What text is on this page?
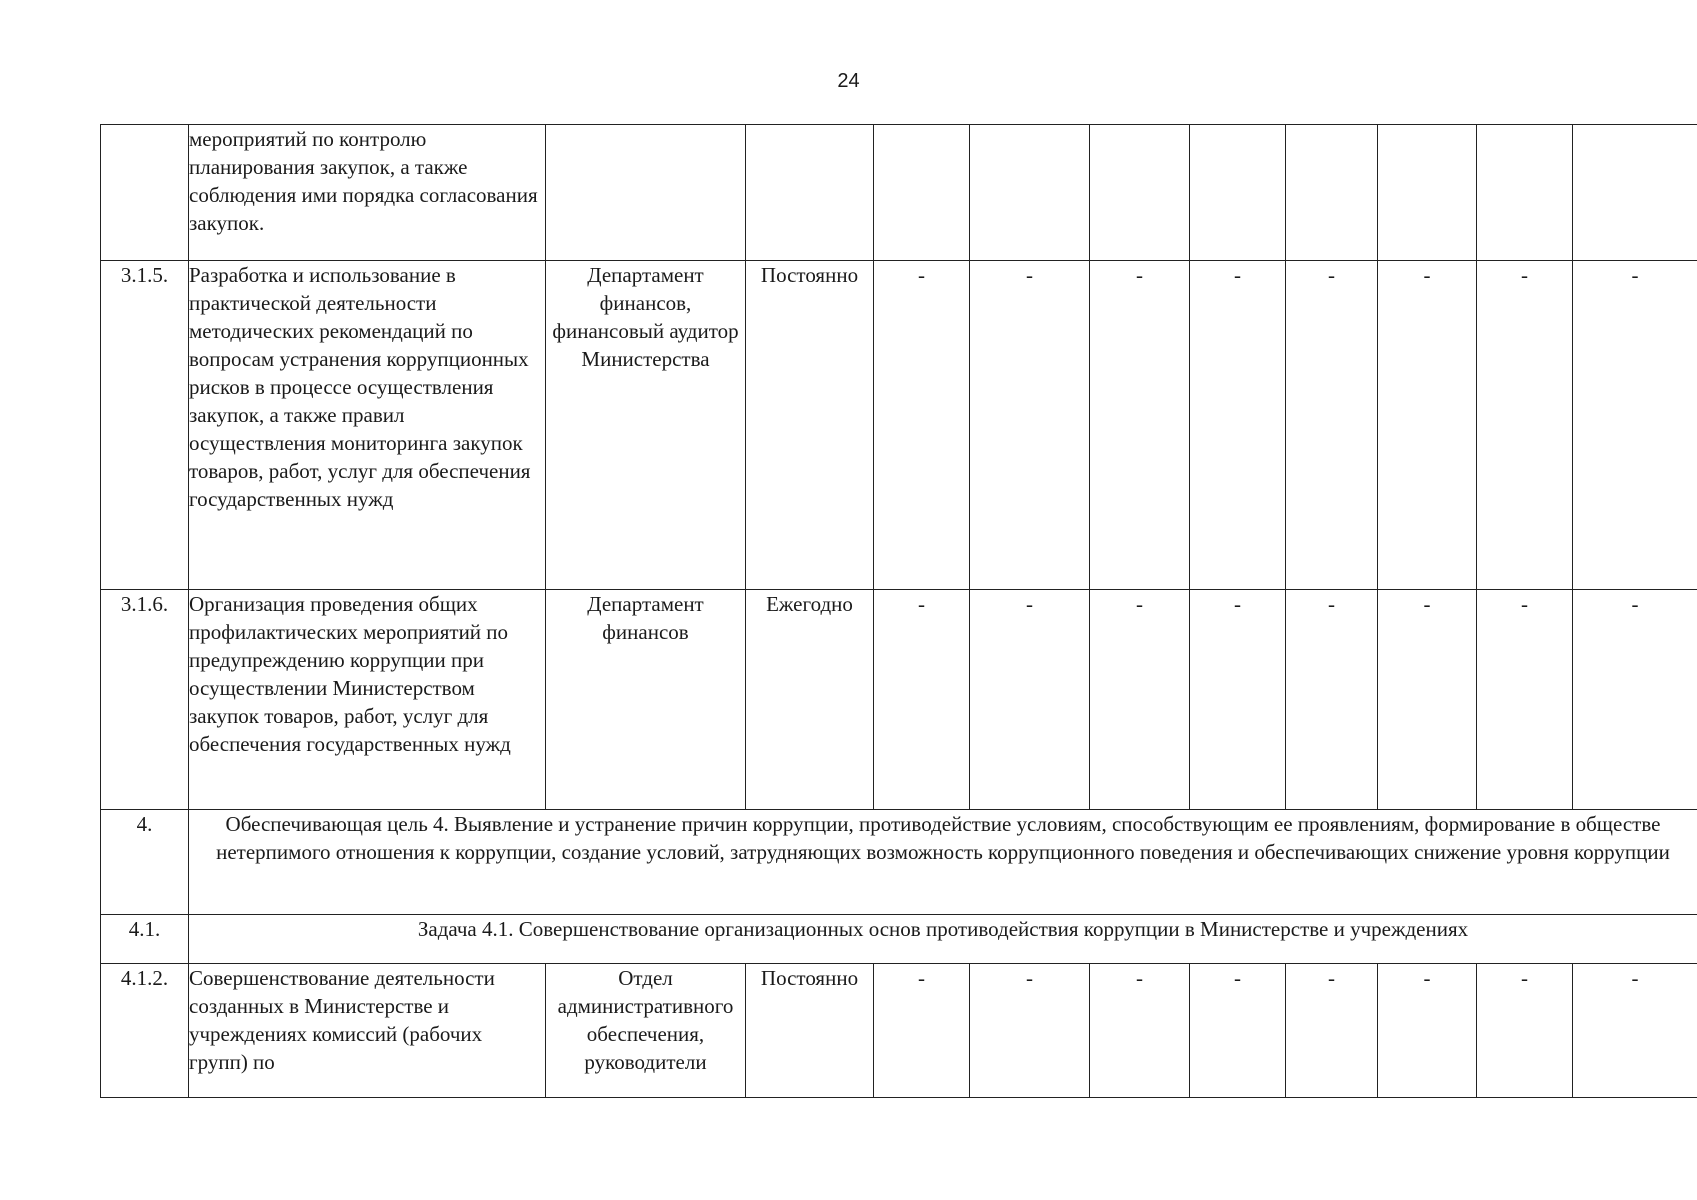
24
	мероприятий по контролю планирования закупок, а также соблюдения ими порядка согласования закупок.										
3.1.5.	Разработка и использование в практической деятельности методических рекомендаций по вопросам устранения коррупционных рисков в процессе осуществления закупок, а также правил осуществления мониторинга закупок товаров, работ, услуг для обеспечения государственных нужд	Департамент финансов, финансовый аудитор Министерства	Постоянно	-	-	-	-	-	-	-	-
3.1.6.	Организация проведения общих профилактических мероприятий по предупреждению коррупции при осуществлении Министерством закупок товаров, работ, услуг для обеспечения государственных нужд	Департамент финансов	Ежегодно	-	-	-	-	-	-	-	-
4.	Обеспечивающая цель 4. Выявление и устранение причин коррупции, противодействие условиям, способствующим ее проявлениям, формирование в обществе нетерпимого отношения к коррупции, создание условий, затрудняющих возможность коррупционного поведения и обеспечивающих снижение уровня коррупции										
4.1.	Задача 4.1. Совершенствование организационных основ противодействия коррупции в Министерстве и учреждениях										
4.1.2.	Совершенствование деятельности созданных в Министерстве и учреждениях комиссий (рабочих групп) по	Отдел административного обеспечения, руководители	Постоянно	-	-	-	-	-	-	-	-
